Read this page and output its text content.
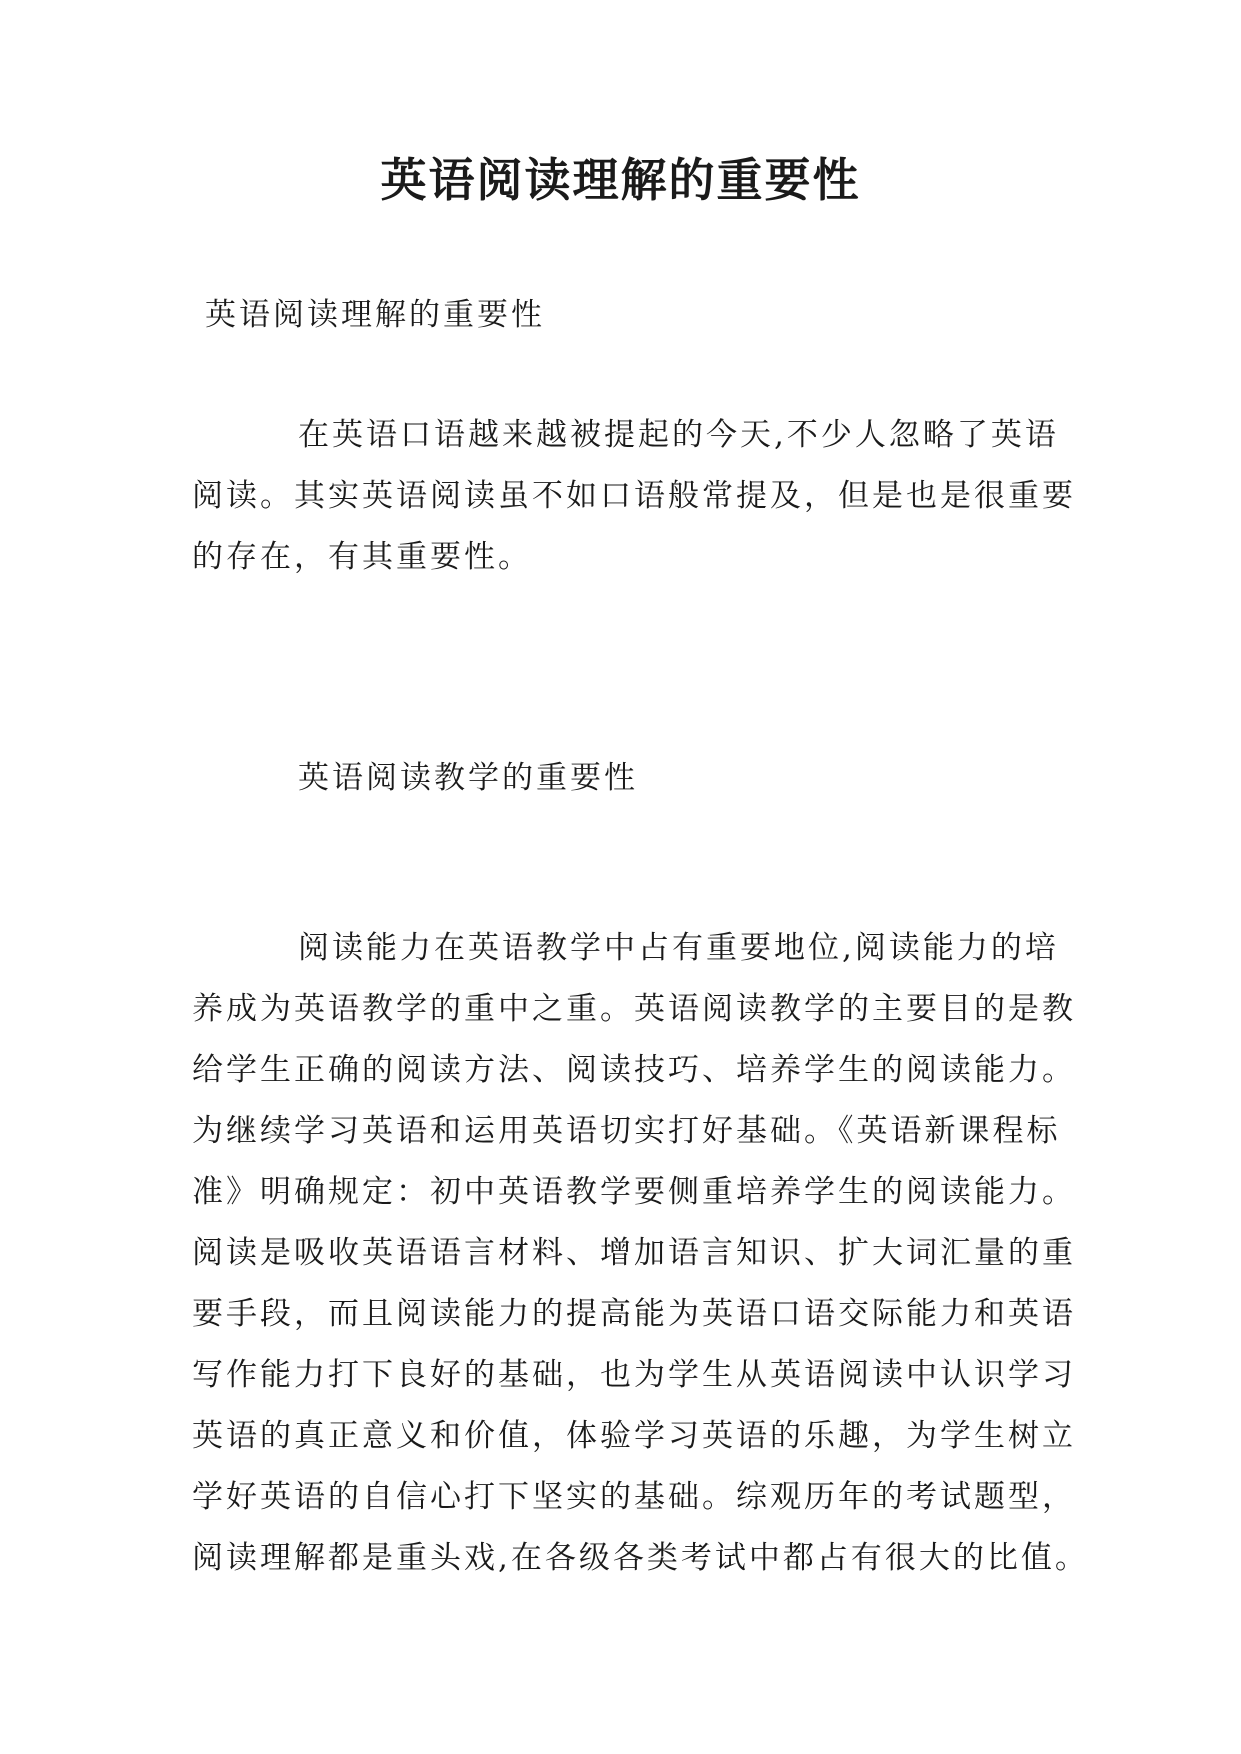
英语阅读理解的重要性

英语阅读理解的重要性

在英语口语越来越被提起的今天,不少人忽略了英语
阅读。其实英语阅读虽不如口语般常提及，但是也是很重要
的存在，有其重要性。

英语阅读教学的重要性

阅读能力在英语教学中占有重要地位,阅读能力的培
养成为英语教学的重中之重。英语阅读教学的主要目的是教
给学生正确的阅读方法、阅读技巧、培养学生的阅读能力。
为继续学习英语和运用英语切实打好基础。《英语新课程标
准》明确规定：初中英语教学要侧重培养学生的阅读能力。
阅读是吸收英语语言材料、增加语言知识、扩大词汇量的重
要手段，而且阅读能力的提高能为英语口语交际能力和英语
写作能力打下良好的基础，也为学生从英语阅读中认识学习
英语的真正意义和价值，体验学习英语的乐趣，为学生树立
学好英语的自信心打下坚实的基础。综观历年的考试题型，
阅读理解都是重头戏,在各级各类考试中都占有很大的比值。
